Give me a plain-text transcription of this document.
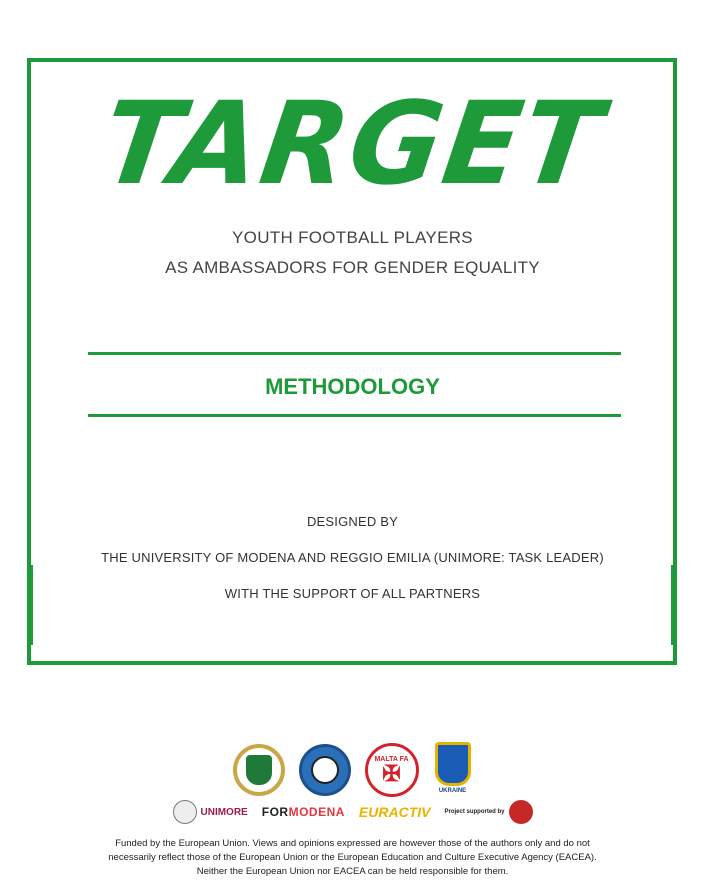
TARGET
YOUTH FOOTBALL PLAYERS
AS AMBASSADORS FOR GENDER EQUALITY
METHODOLOGY
DESIGNED BY
THE UNIVERSITY OF MODENA AND REGGIO EMILIA (UNIMORE: TASK LEADER)
WITH THE SUPPORT OF ALL PARTNERS
MALTA FA
✠
UKRAINE
UNIMORE FORMODENA EURACTIV Project supported by
Funded by the European Union. Views and opinions expressed are however those of the authors only and do not
necessarily reflect those of the European Union or the European Education and Culture Executive Agency (EACEA).
Neither the European Union nor EACEA can be held responsible for them.
